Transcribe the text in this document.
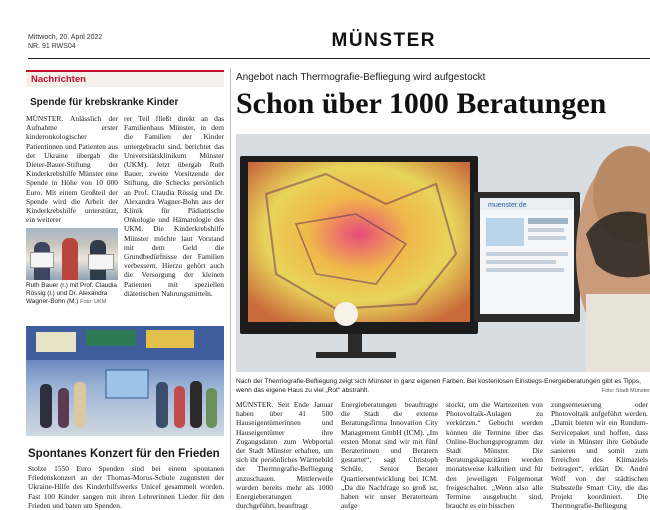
Mittwoch, 20. April 2022
NR. 91 RWS04	MÜNSTER
Nachrichten
Spende für krebskranke Kinder
MÜNSTER. Anlässlich der Aufnahme erster kinderonkologischer Patientinnen und Patienten aus der Ukraine übergab die Dieter-Bauer-Stiftung der Kinderkrebshilfe Münster eine Spende in Höhe von 10 000 Euro. Mit einem Großteil der Spende wird die Arbeit der Kinderkrebshilfe unterstützt, ein weiterer
Ruth Bauer (r.) mit Prof. Claudia Rössig (l.) und Dr. Alexandra Wagner-Bohn (M.) Foto: UKM
rer Teil fließt direkt an das Familienhaus Münster, in dem die Familien der Kinder untergebracht sind, berichtet das Universitätsklinikum Münster (UKM). Jetzt übergab Ruth Bauer, zweite Vorsitzende der Stiftung, die Schecks persönlich an Prof. Claudia Rössig und Dr. Alexandra Wagner-Bohn aus der Klinik für Pädiatrische Onkologie und Hämatologie des UKM. Die Kinderkrebshilfe Münster möchte laut Vorstand mit dem Geld die Grundbedürfnisse der Familien verbessern. Hierzu gehört auch die Versorgung der kleinen Patienten mit speziellen diätetischen Nahrungsmitteln.
Spontanes Konzert für den Frieden
Stolze 1550 Euro Spenden sind bei einem spontanen Friedenskonzert an der Thomas-Morus-Schule zugunsten der Ukraine-Hilfe des Kinderhilfswerks Unicef gesammelt worden. Fast 100 Kinder sangen mit ihren Lehrerinnen Lieder für den Frieden und baten um Spenden.
Angebot nach Thermografie-Befliegung wird aufgestockt
Schon über 1000 Beratungen
muenster.de
Nach der Thermografie-Befliegung zeigt sich Münster in ganz eigenen Farben. Bei kostenlosen Einstiegs-Energieberatungen gibt es Tipps, wenn das eigene Haus zu viel „Rot“ abstrahlt.	Foto: Stadt Münster
MÜNSTER. Seit Ende Januar haben über 41 500 Hauseigentümerinnen und Hauseigentümer ihre Zugangsdaten zum Webportal der Stadt Münster erhalten, um sich ihr persönliches Wärmebild der Thermografie-Befliegung anzuschauen. Mittlerweile wurden bereits mehr als 1000 Energieberatungen durchgeführt, beauftragt
Energieberatungen beauftragte die Stadt die externe Beratungsfirma Innovation City Management GmbH (ICM). „Im ersten Monat sind wir mit fünf Beraterinnen und Beratern gestartet“, sagt Christoph Schüle, Senior Berater Quartiersentwicklung bei ICM. „Da die Nachfrage so groß ist, haben wir unser Beraterteam aufge
stockt, um die Wartezeiten von Photovoltaik-Anlagen zu verkürzen.“ Gebucht werden können die Termine über das Online-Buchungsprogramm der Stadt Münster. Die Beratungskapazitäten werden monatsweise kalkuliert und für den jeweiligen Folgemonat freigeschaltet. „Wenn also alle Termine ausgebucht sind, braucht es ein bisschen
zungserneuerung oder Photovoltaik aufgeführt werden. „Damit bieten wir ein Rundum-Servicepaket und hoffen, dass viele in Münster ihre Gebäude sanieren und somit zum Erreichen des Klimaziels beitragen“, erklärt Dr. André Wolf von der städtischen Stabsstelle Smart City, die das Projekt koordiniert. Die Thermografie-Befliegung
